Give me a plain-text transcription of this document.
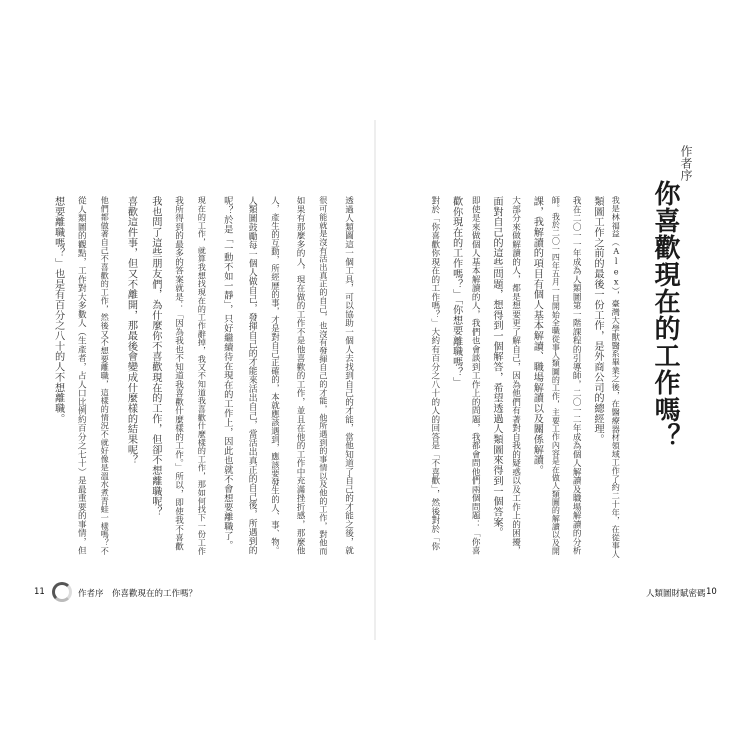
透過人類圖這一個工具，可以協助一個人去找到自己的才能，當他知道了自己的才能之後，就
很可能就是沒有活出真正的自己，也沒有發揮自己的才能，他所遇到的事情以及他的工作，對他而
如果有那麼多的人，現在做的工作不是他喜歡的工作，並且在他的工作中充滿挫折感，那麼他
人，產生的互動，所經歷的事，才是對自己正確的，本就應該遇到，應該要發生的人、事、物。
人類圖鼓勵每一個人做自己，發揮自己的才能來活出自己，當活出真正的自己後，所遇到的
呢？於是「一動不如一靜」，只好繼續待在現在的工作上，因此也就不會想要離職了。
現在的工作，就算我想找現在的工作辭掉，我又不知道我喜歡什麼樣的工作，那如何找下一份工作
我所得到的最多的答案就是：「因為我也不知道我喜歡什麼樣的工作。」所以，即使我不喜歡
我也問了這些朋友們，為什麼你不喜歡現在的工作，但卻不想離職呢？
喜歡這件事，但又不離開，那最後會變成什麼樣的結果呢？
他們都做著自己不喜歡的工作，然後又不想要離職，這樣的情況不就好像是溫水煮青蛙一樣嗎？不
從人類圖的觀點，工作對大多數人（生產者，占人口比例約百分之七十）是最重要的事情，但
想要離職嗎？」也是有百分之八十的人不想離職。
11	作者序 你喜歡現在的工作嗎？
作者序
你喜歡現在的工作嗎？
我是林福益（Alex），臺灣大學獸醫系畢業之後，在醫療器材領域工作了約二十年，在從事人
類圖工作之前的最後一份工作，是外商公司的總經理。
我在二〇一一年成為人類圖第一階課程的引導師，二〇一二年成為個人解讀及職場解讀的分析
師。我於二〇一四年五月一日開始全職從事人類圖的工作，主要工作內容是在做人類圖的解讀以及開
課，我解讀的項目有個人基本解讀、職場解讀以及關係解讀。
大部分來做解讀的人，都是想要更了解自己，因為他們有著對自我的疑惑以及工作上的困擾，
面對自己的這些問題，想得到一個解答，希望透過人類圖來得到一個答案。
即使是來做個人基本解讀的人，我們也會談到工作上的問題，我都會問他們兩個問題：「你喜
歡你現在的工作嗎？」「你想要離職嗎？」
對於「你喜歡你現在的工作嗎？」大約有百分之八十的人的回答是「不喜歡」，然後對於「你
人類圖財賦密碼 10
